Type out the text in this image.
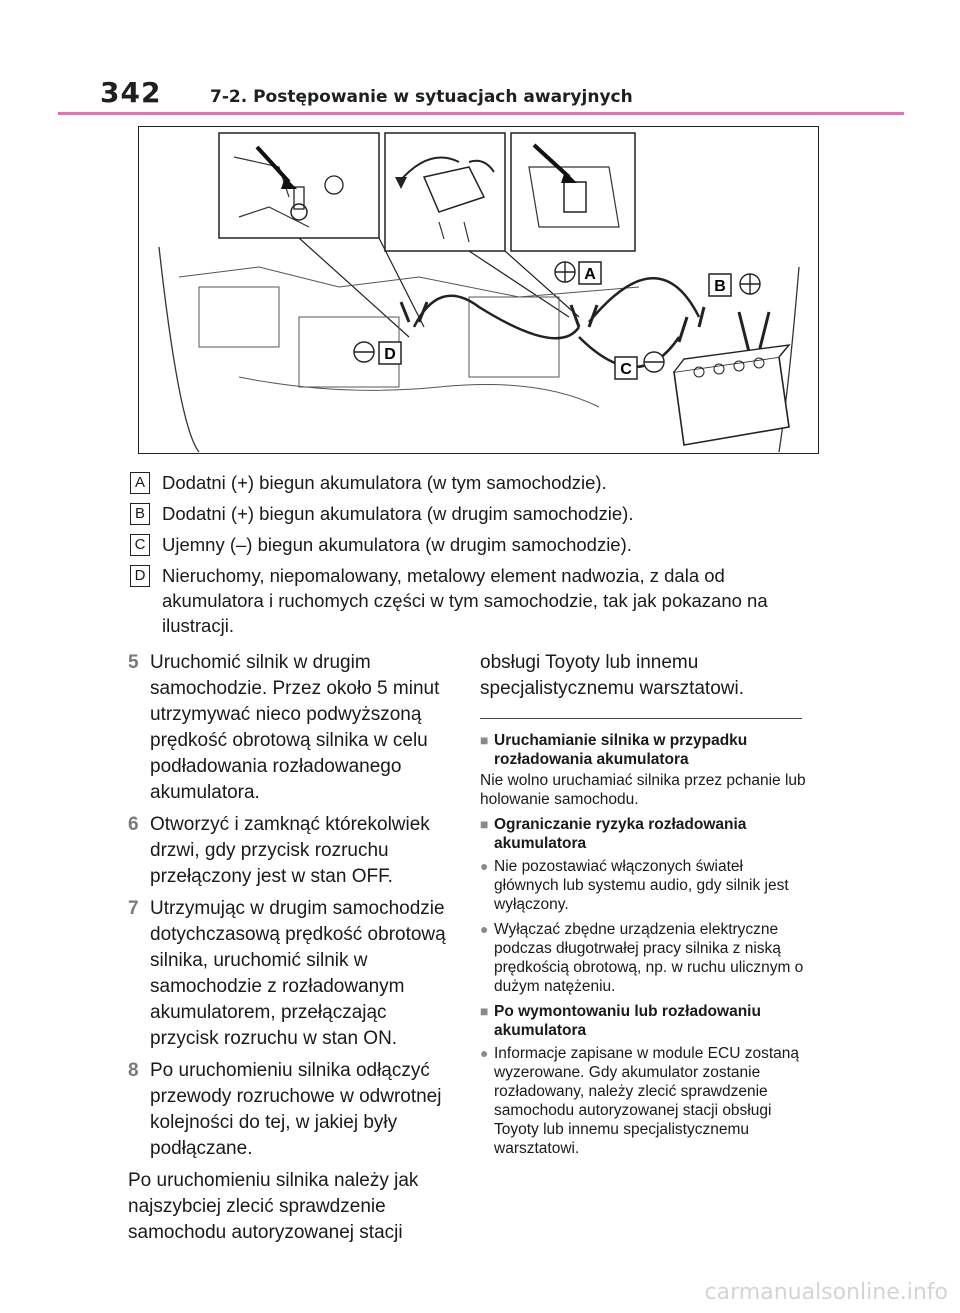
342	7-2. Postępowanie w sytuacjach awaryjnych
A
B
C
D
A Dodatni (+) biegun akumulatora (w tym samochodzie).
B Dodatni (+) biegun akumulatora (w drugim samochodzie).
C Ujemny (–) biegun akumulatora (w drugim samochodzie).
D Nieruchomy, niepomalowany, metalowy element nadwozia, z dala od akumulatora i ruchomych części w tym samochodzie, tak jak pokazano na ilustracji.
5 Uruchomić silnik w drugim samochodzie. Przez około 5 minut utrzymywać nieco podwyższoną prędkość obrotową silnika w celu podładowania rozładowanego akumulatora.
6 Otworzyć i zamknąć którekolwiek drzwi, gdy przycisk rozruchu przełączony jest w stan OFF.
7 Utrzymując w drugim samochodzie dotychczasową prędkość obrotową silnika, uruchomić silnik w samochodzie z rozładowanym akumulatorem, przełączając przycisk rozruchu w stan ON.
8 Po uruchomieniu silnika odłączyć przewody rozruchowe w odwrotnej kolejności do tej, w jakiej były podłączane.

Po uruchomieniu silnika należy jak najszybciej zlecić sprawdzenie samochodu autoryzowanej stacji

obsługi Toyoty lub innemu specjalistycznemu warsztatowi.

■ Uruchamianie silnika w przypadku rozładowania akumulatora

Nie wolno uruchamiać silnika przez pchanie lub holowanie samochodu.

■ Ograniczanie ryzyka rozładowania akumulatora
● Nie pozostawiać włączonych świateł głównych lub systemu audio, gdy silnik jest wyłączony.
● Wyłączać zbędne urządzenia elektryczne podczas długotrwałej pracy silnika z niską prędkością obrotową, np. w ruchu ulicznym o dużym natężeniu.
■ Po wymontowaniu lub rozładowaniu akumulatora
● Informacje zapisane w module ECU zostaną wyzerowane. Gdy akumulator zostanie rozładowany, należy zlecić sprawdzenie samochodu autoryzowanej stacji obsługi Toyoty lub innemu specjalistycznemu warsztatowi.
carmanualsonline.info
